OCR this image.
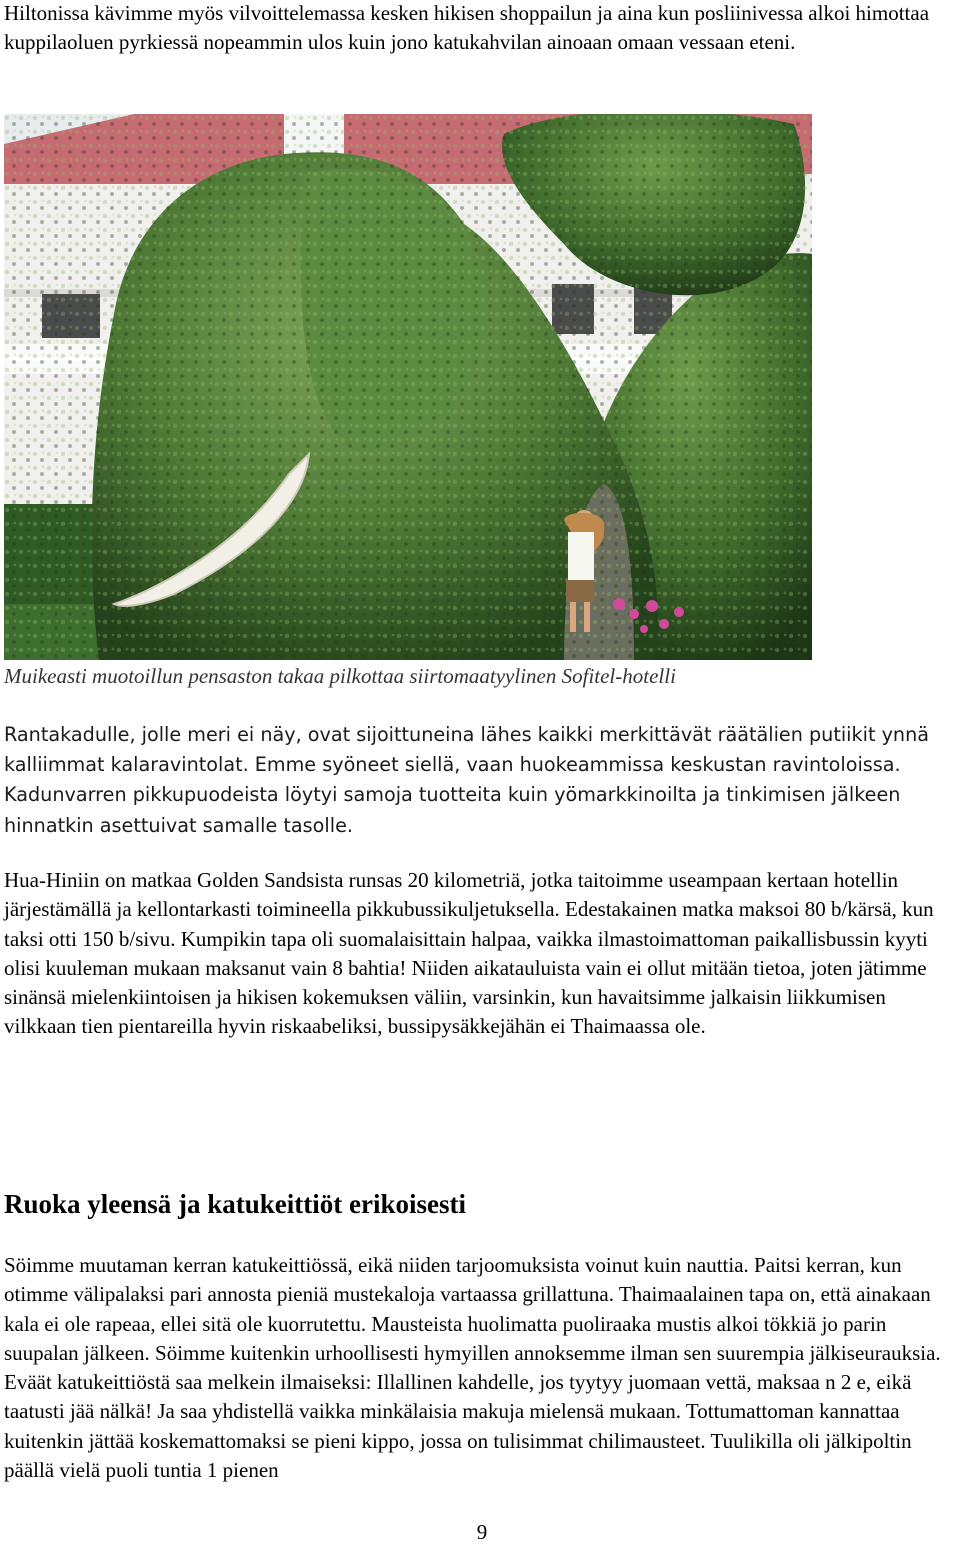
Hiltonissa kävimme myös vilvoittelemassa kesken hikisen shoppailun ja aina kun posliinivessa alkoi himottaa kuppilaoluen pyrkiessä nopeammin ulos kuin jono katukahvilan ainoaan omaan vessaan eteni.

Muikeasti muotoillun pensaston takaa pilkottaa siirtomaatyylinen Sofitel-hotelli

Rantakadulle, jolle meri ei näy, ovat sijoittuneina lähes kaikki merkittävät räätälien putiikit ynnä kalliimmat kalaravintolat. Emme syöneet siellä, vaan huokeammissa keskustan ravintoloissa. Kadunvarren pikkupuodeista löytyi samoja tuotteita kuin yömarkkinoilta ja tinkimisen jälkeen hinnatkin asettuivat samalle tasolle.

Hua-Hiniin on matkaa Golden Sandsista runsas 20 kilometriä, jotka taitoimme useampaan kertaan hotellin järjestämällä ja kellontarkasti toimineella pikkubussikuljetuksella. Edestakainen matka maksoi 80 b/kärsä, kun taksi otti 150 b/sivu. Kumpikin tapa oli suomalaisittain halpaa, vaikka ilmastoimattoman paikallisbussin kyyti olisi kuuleman mukaan maksanut vain 8 bahtia! Niiden aikatauluista vain ei ollut mitään tietoa, joten jätimme sinänsä mielenkiintoisen ja hikisen kokemuksen väliin, varsinkin, kun havaitsimme jalkaisin liikkumisen vilkkaan tien pientareilla hyvin riskaabeliksi, bussipysäkkejähän ei Thaimaassa ole.

Ruoka yleensä ja katukeittiöt erikoisesti
Söimme muutaman kerran katukeittiössä, eikä niiden tarjoomuksista voinut kuin nauttia. Paitsi kerran, kun otimme välipalaksi pari annosta pieniä mustekaloja vartaassa grillattuna. Thaimaalainen tapa on, että ainakaan kala ei ole rapeaa, ellei sitä ole kuorrutettu. Mausteista huolimatta puoliraaka mustis alkoi tökkiä jo parin suupalan jälkeen. Söimme kuitenkin urhoollisesti hymyillen annoksemme ilman sen suurempia jälkiseurauksia.
Eväät katukeittiöstä saa melkein ilmaiseksi: Illallinen kahdelle, jos tyytyy juomaan vettä, maksaa n 2 e, eikä taatusti jää nälkä! Ja saa yhdistellä vaikka minkälaisia makuja mielensä mukaan. Tottumattoman kannattaa kuitenkin jättää koskemattomaksi se pieni kippo, jossa on tulisimmat chilimausteet. Tuulikilla oli jälkipoltin päällä vielä puoli tuntia 1 pienen

9
